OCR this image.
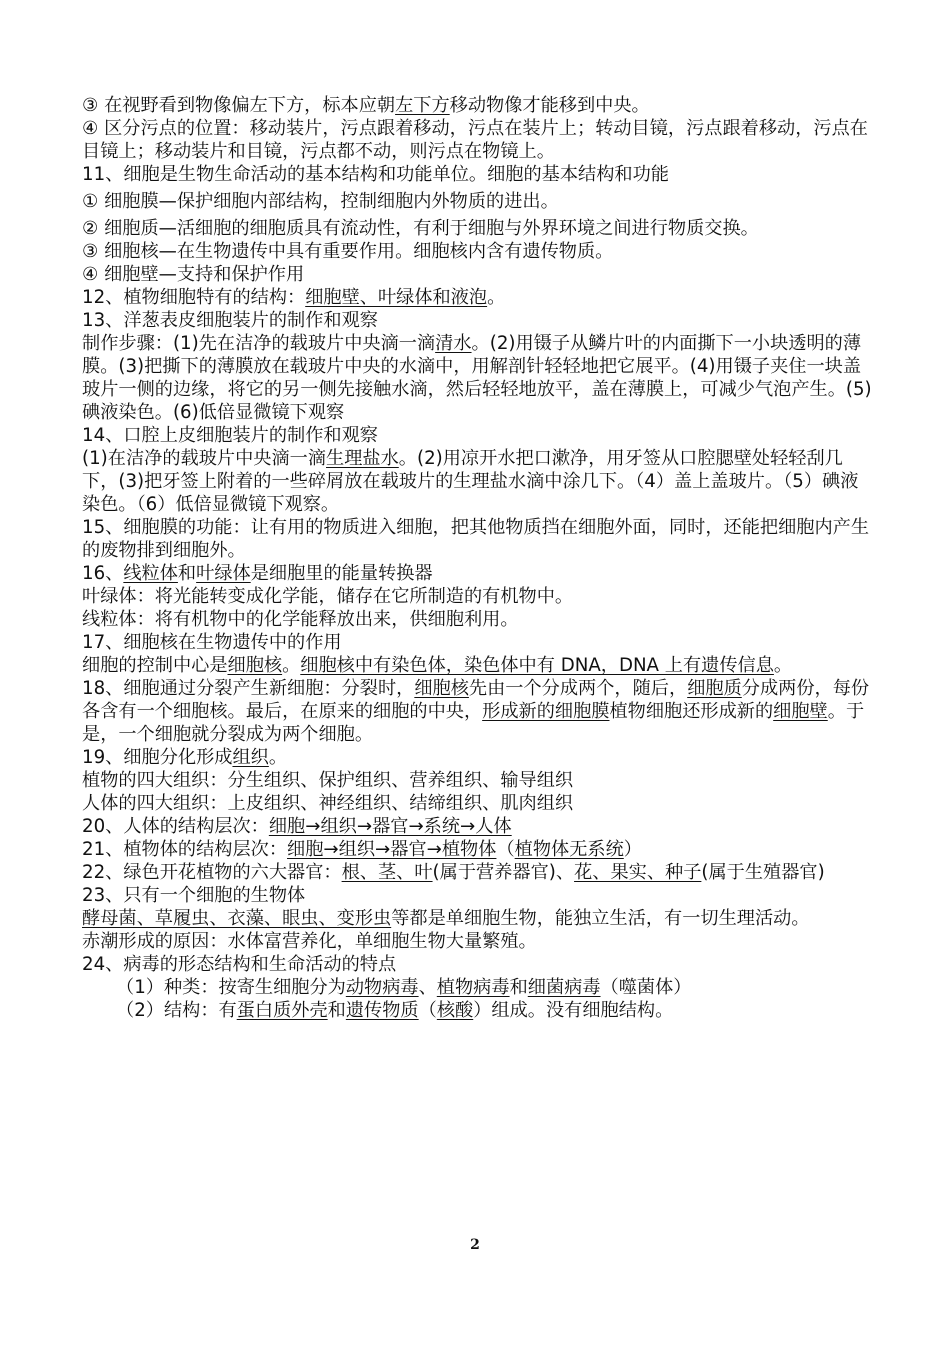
③ 在视野看到物像偏左下方，标本应朝左下方移动物像才能移到中央。

④ 区分污点的位置：移动装片，污点跟着移动，污点在装片上；转动目镜，污点跟着移动，污点在目镜上；移动装片和目镜，污点都不动，则污点在物镜上。

11、细胞是生物生命活动的基本结构和功能单位。细胞的基本结构和功能

① 细胞膜—保护细胞内部结构，控制细胞内外物质的进出。

② 细胞质—活细胞的细胞质具有流动性，有利于细胞与外界环境之间进行物质交换。

③ 细胞核—在生物遗传中具有重要作用。细胞核内含有遗传物质。

④ 细胞壁—支持和保护作用

12、植物细胞特有的结构：细胞壁、叶绿体和液泡。

13、洋葱表皮细胞装片的制作和观察

制作步骤：(1)先在洁净的载玻片中央滴一滴清水。(2)用镊子从鳞片叶的内面撕下一小块透明的薄膜。(3)把撕下的薄膜放在载玻片中央的水滴中，用解剖针轻轻地把它展平。(4)用镊子夹住一块盖玻片一侧的边缘，将它的另一侧先接触水滴，然后轻轻地放平，盖在薄膜上，可减少气泡产生。(5)碘液染色。(6)低倍显微镜下观察

14、口腔上皮细胞装片的制作和观察

(1)在洁净的载玻片中央滴一滴生理盐水。(2)用凉开水把口漱净，用牙签从口腔腮壁处轻轻刮几下，(3)把牙签上附着的一些碎屑放在载玻片的生理盐水滴中涂几下。（4）盖上盖玻片。（5）碘液染色。（6）低倍显微镜下观察。

15、细胞膜的功能：让有用的物质进入细胞，把其他物质挡在细胞外面，同时，还能把细胞内产生的废物排到细胞外。

16、线粒体和叶绿体是细胞里的能量转换器

叶绿体：将光能转变成化学能，储存在它所制造的有机物中。

线粒体：将有机物中的化学能释放出来，供细胞利用。

17、细胞核在生物遗传中的作用

细胞的控制中心是细胞核。细胞核中有染色体，染色体中有 DNA，DNA 上有遗传信息。

18、细胞通过分裂产生新细胞：分裂时，细胞核先由一个分成两个，随后，细胞质分成两份，每份各含有一个细胞核。最后，在原来的细胞的中央，形成新的细胞膜植物细胞还形成新的细胞壁。于是，一个细胞就分裂成为两个细胞。

19、细胞分化形成组织。

植物的四大组织：分生组织、保护组织、营养组织、输导组织

人体的四大组织：上皮组织、神经组织、结缔组织、肌肉组织

20、人体的结构层次：细胞→组织→器官→系统→人体

21、植物体的结构层次：细胞→组织→器官→植物体（植物体无系统）

22、绿色开花植物的六大器官：根、茎、叶(属于营养器官)、花、果实、种子(属于生殖器官)

23、只有一个细胞的生物体

酵母菌、草履虫、衣藻、眼虫、变形虫等都是单细胞生物，能独立生活，有一切生理活动。

赤潮形成的原因：水体富营养化，单细胞生物大量繁殖。

24、病毒的形态结构和生命活动的特点

（1）种类：按寄生细胞分为动物病毒、植物病毒和细菌病毒（噬菌体）

（2）结构：有蛋白质外壳和遗传物质（核酸）组成。没有细胞结构。

2
